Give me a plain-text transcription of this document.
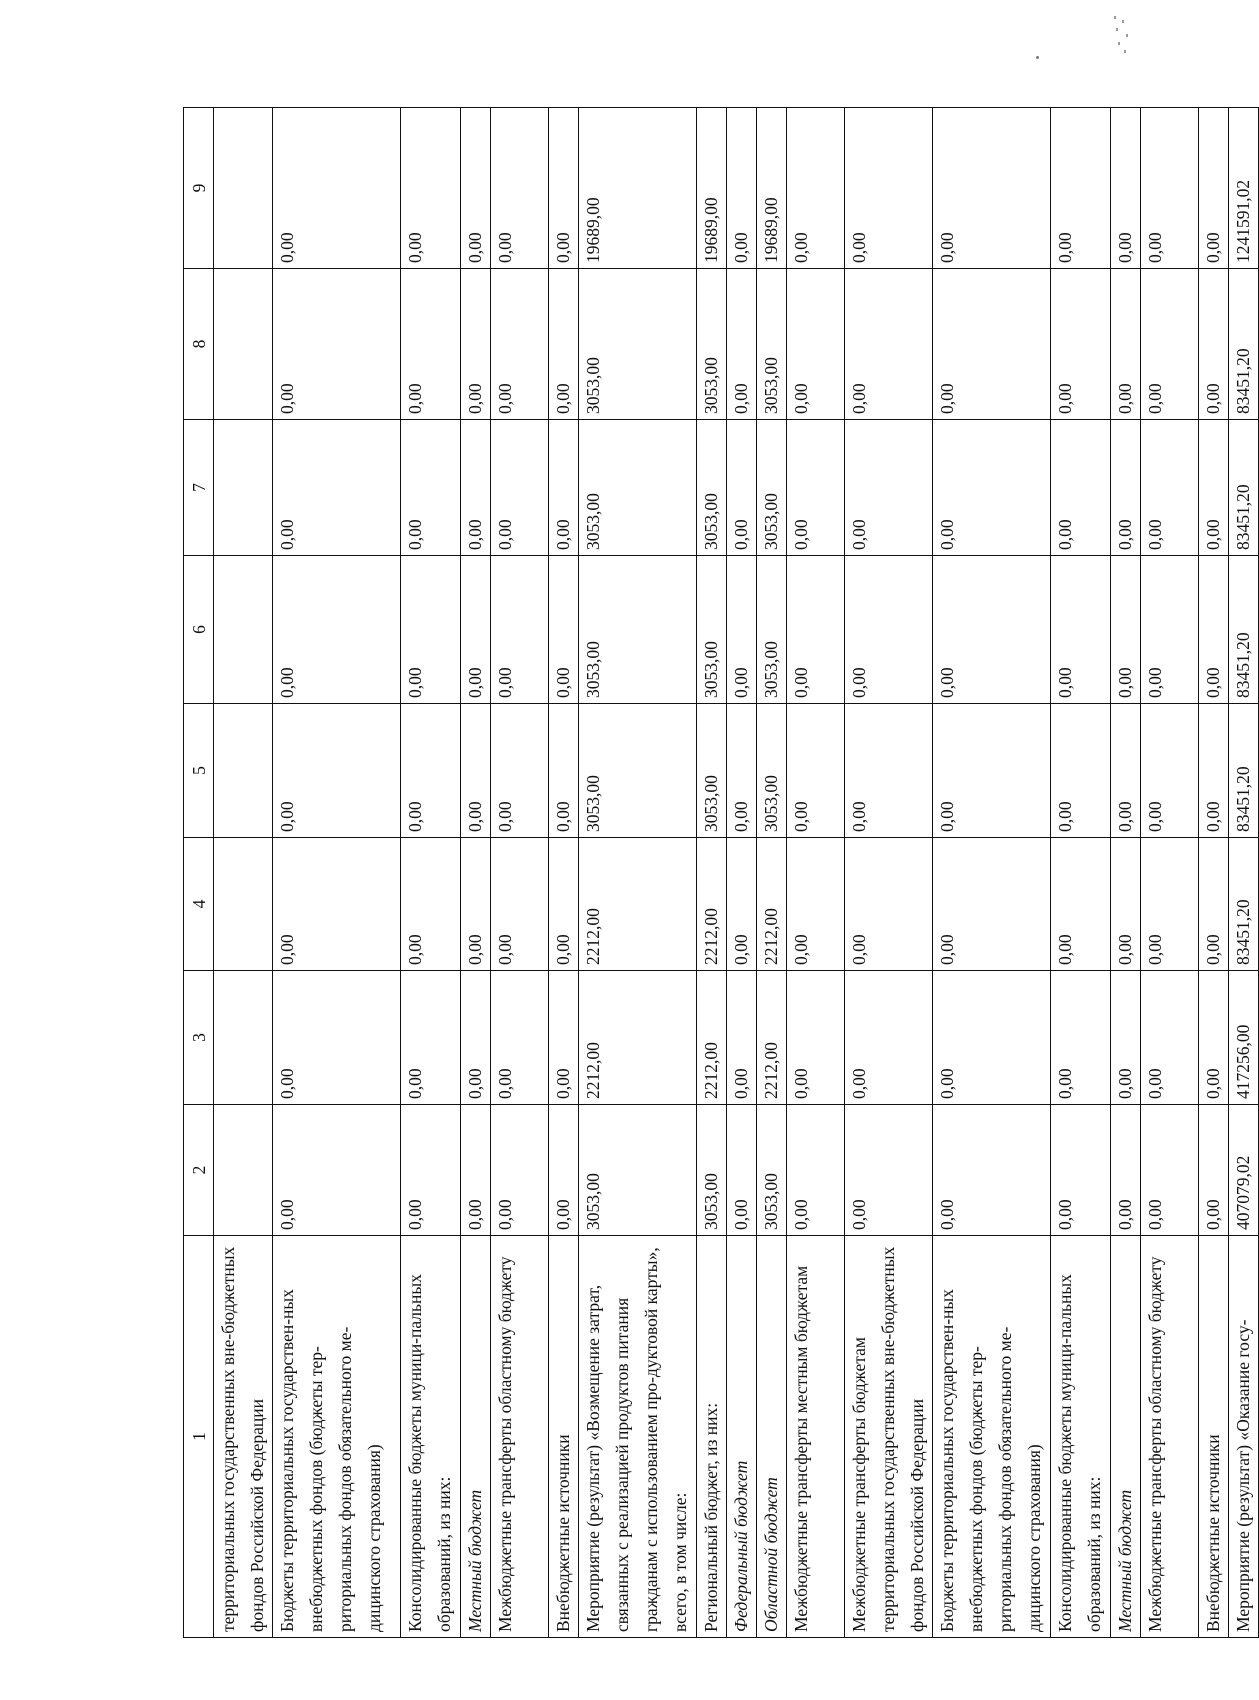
1	2	3	4	5	6	7	8	9
территориальных государственных вне-бюджетных фондов Российской Федерации								
Бюджеты территориальных государствен-ных внебюджетных фондов (бюджеты тер-риториальных фондов обязательного ме-дицинского страхования)	0,00	0,00	0,00	0,00	0,00	0,00	0,00	0,00
Консолидированные бюджеты муници-пальных образований, из них:	0,00	0,00	0,00	0,00	0,00	0,00	0,00	0,00
Местный бюджет	0,00	0,00	0,00	0,00	0,00	0,00	0,00	0,00
Межбюджетные трансферты областному бюджету	0,00	0,00	0,00	0,00	0,00	0,00	0,00	0,00
Внебюджетные источники	0,00	0,00	0,00	0,00	0,00	0,00	0,00	0,00
Мероприятие (результат) «Возмещение затрат, связанных с реализацией продуктов питания гражданам с использованием про-дуктовой карты», всего, в том числе:	3053,00	2212,00	2212,00	3053,00	3053,00	3053,00	3053,00	19689,00
Региональный бюджет, из них:	3053,00	2212,00	2212,00	3053,00	3053,00	3053,00	3053,00	19689,00
Федеральный бюджет	0,00	0,00	0,00	0,00	0,00	0,00	0,00	0,00
Областной бюджет	3053,00	2212,00	2212,00	3053,00	3053,00	3053,00	3053,00	19689,00
Межбюджетные трансферты местным бюджетам	0,00	0,00	0,00	0,00	0,00	0,00	0,00	0,00
Межбюджетные трансферты бюджетам территориальных государственных вне-бюджетных фондов Российской Федерации	0,00	0,00	0,00	0,00	0,00	0,00	0,00	0,00
Бюджеты территориальных государствен-ных внебюджетных фондов (бюджеты тер-риториальных фондов обязательного ме-дицинского страхования)	0,00	0,00	0,00	0,00	0,00	0,00	0,00	0,00
Консолидированные бюджеты муници-пальных образований, из них:	0,00	0,00	0,00	0,00	0,00	0,00	0,00	0,00
Местный бюджет	0,00	0,00	0,00	0,00	0,00	0,00	0,00	0,00
Межбюджетные трансферты областному бюджету	0,00	0,00	0,00	0,00	0,00	0,00	0,00	0,00
Внебюджетные источники	0,00	0,00	0,00	0,00	0,00	0,00	0,00	0,00
Мероприятие (результат) «Оказание госу-	407079,02	417256,00	83451,20	83451,20	83451,20	83451,20	83451,20	1241591,02
